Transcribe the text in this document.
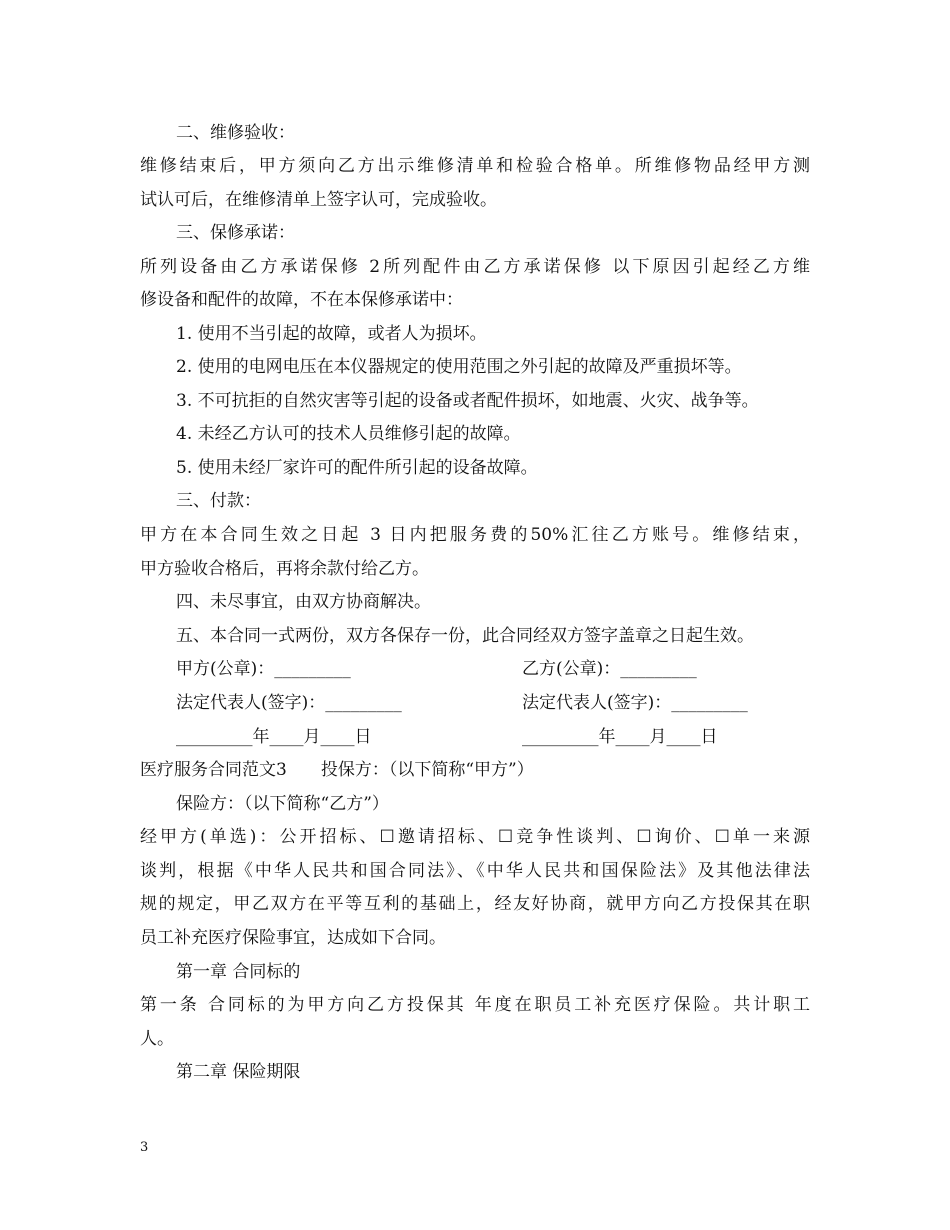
二、维修验收：
维修结束后，甲方须向乙方出示维修清单和检验合格单。所维修物品经甲方测
试认可后，在维修清单上签字认可，完成验收。
三、保修承诺：
所列设备由乙方承诺保修 2所列配件由乙方承诺保修 以下原因引起经乙方维
修设备和配件的故障，不在本保修承诺中：
1. 使用不当引起的故障，或者人为损坏。
2. 使用的电网电压在本仪器规定的使用范围之外引起的故障及严重损坏等。
3. 不可抗拒的自然灾害等引起的设备或者配件损坏，如地震、火灾、战争等。
4. 未经乙方认可的技术人员维修引起的故障。
5. 使用未经厂家许可的配件所引起的设备故障。
三、付款：
甲方在本合同生效之日起 3 日内把服务费的50%汇往乙方账号。维修结束，
甲方验收合格后，再将余款付给乙方。
四、未尽事宜，由双方协商解决。
五、本合同一式两份，双方各保存一份，此合同经双方签字盖章之日起生效。
甲方(公章)：_________	乙方(公章)：_________
法定代表人(签字)：_________	法定代表人(签字)：_________
_________年____月____日	_________年____月____日
医疗服务合同范文3　　投保方：（以下简称“甲方”）
保险方：（以下简称“乙方”）
经甲方(单选)：公开招标、☐邀请招标、☐竞争性谈判、☐询价、☐单一来源
谈判，根据《中华人民共和国合同法》、《中华人民共和国保险法》及其他法律法
规的规定，甲乙双方在平等互利的基础上，经友好协商，就甲方向乙方投保其在职
员工补充医疗保险事宜，达成如下合同。
第一章 合同标的
第一条 合同标的为甲方向乙方投保其 年度在职员工补充医疗保险。共计职工
人。
第二章 保险期限
3
